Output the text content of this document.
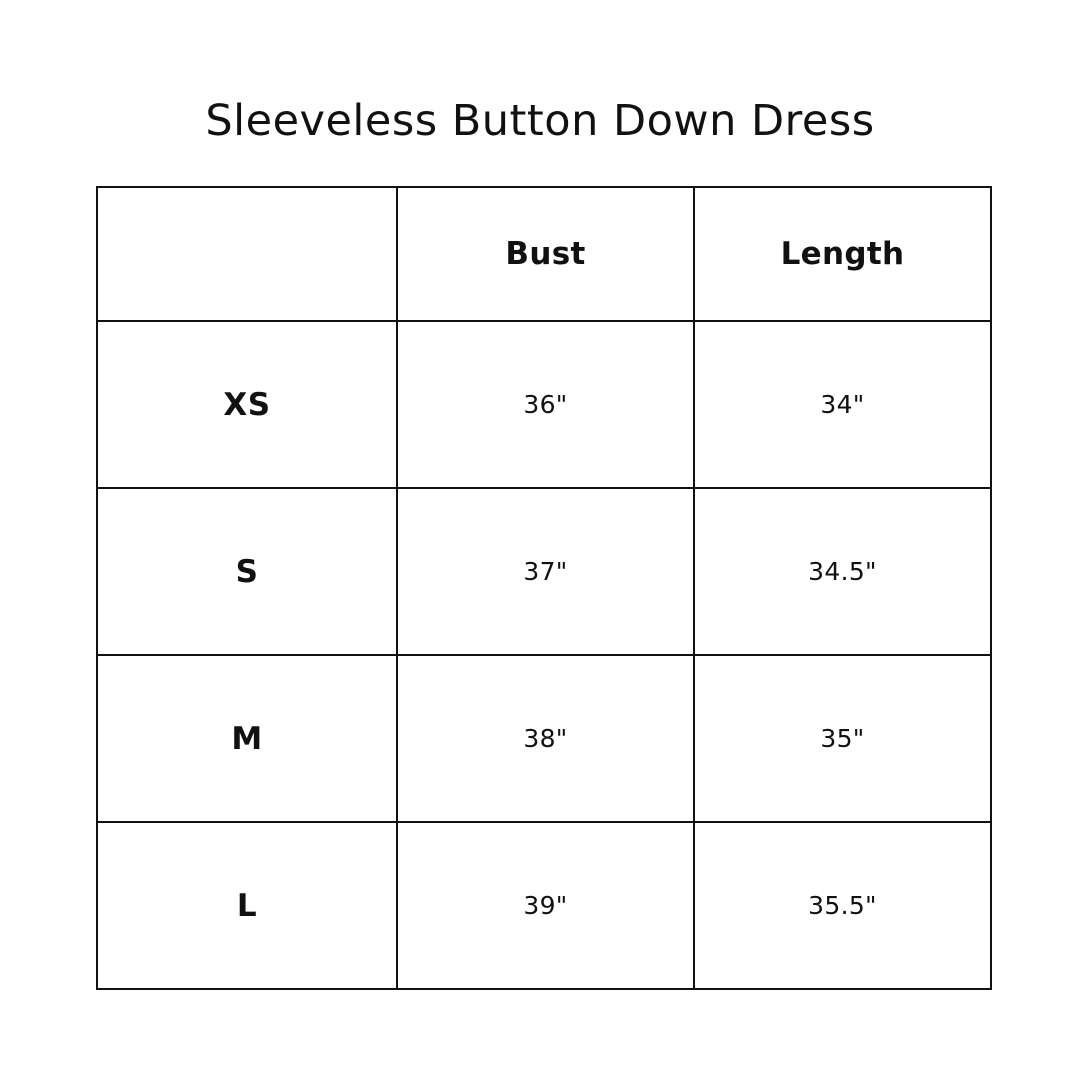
Sleeveless Button Down Dress
	Bust	Length
XS	36"	34"
S	37"	34.5"
M	38"	35"
L	39"	35.5"
